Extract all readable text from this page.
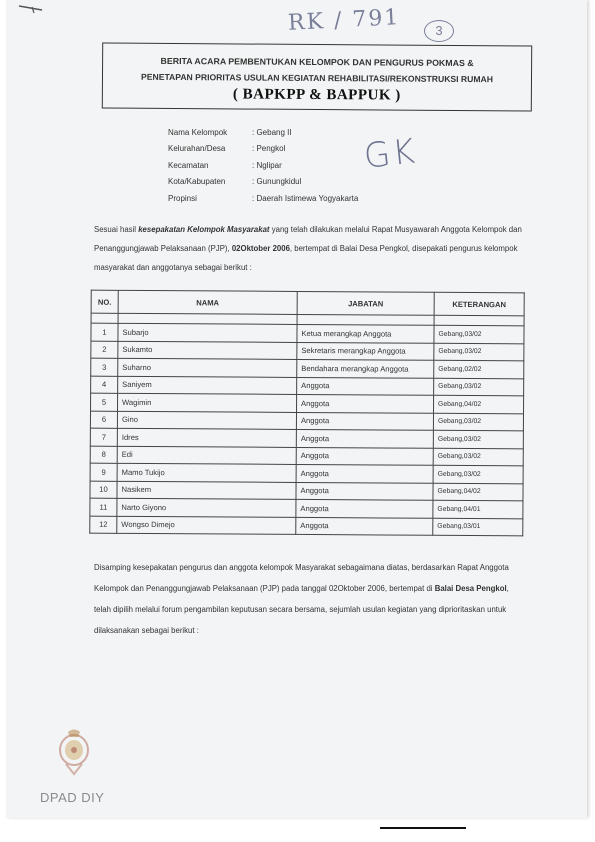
RK / 791	3
BERITA ACARA PEMBENTUKAN KELOMPOK DAN PENGURUS POKMAS &
PENETAPAN PRIORITAS USULAN KEGIATAN REHABILITASI/REKONSTRUKSI RUMAH
( BAPKPP & BAPPUK )
Nama Kelompok	: Gebang II
Kelurahan/Desa	: Pengkol
Kecamatan	: Nglipar
Kota/Kabupaten	: Gunungkidul
Propinsi	: Daerah Istimewa Yogyakarta
GK
Sesuai hasil kesepakatan Kelompok Masyarakat yang telah dilakukan melalui Rapat Musyawarah Anggota Kelompok dan Penanggungjawab Pelaksanaan (PJP), 02Oktober 2006, bertempat di Balai Desa Pengkol, disepakati pengurus kelompok masyarakat dan anggotanya sebagai berikut :
NO.	NAMA	JABATAN	KETERANGAN

1	Subarjo	Ketua merangkap Anggota	Gebang,03/02
2	Sukamto	Sekretaris merangkap Anggota	Gebang,03/02
3	Suharno	Bendahara merangkap Anggota	Gebang,02/02
4	Saniyem	Anggota	Gebang,03/02
5	Wagimin	Anggota	Gebang,04/02
6	Gino	Anggota	Gebang,03/02
7	Idres	Anggota	Gebang,03/02
8	Edi	Anggota	Gebang,03/02
9	Mamo Tukijo	Anggota	Gebang,03/02
10	Nasikem	Anggota	Gebang,04/02
11	Narto Giyono	Anggota	Gebang,04/01
12	Wongso Dimejo	Anggota	Gebang,03/01
Disamping kesepakatan pengurus dan anggota kelompok Masyarakat sebagaimana diatas, berdasarkan Rapat Anggota Kelompok dan Penanggungjawab Pelaksanaan (PJP) pada tanggal 02Oktober 2006, bertempat di Balai Desa Pengkol, telah dipilih melalui forum pengambilan keputusan secara bersama, sejumlah usulan kegiatan yang diprioritaskan untuk dilaksanakan sebagai berikut :
DPAD DIY
